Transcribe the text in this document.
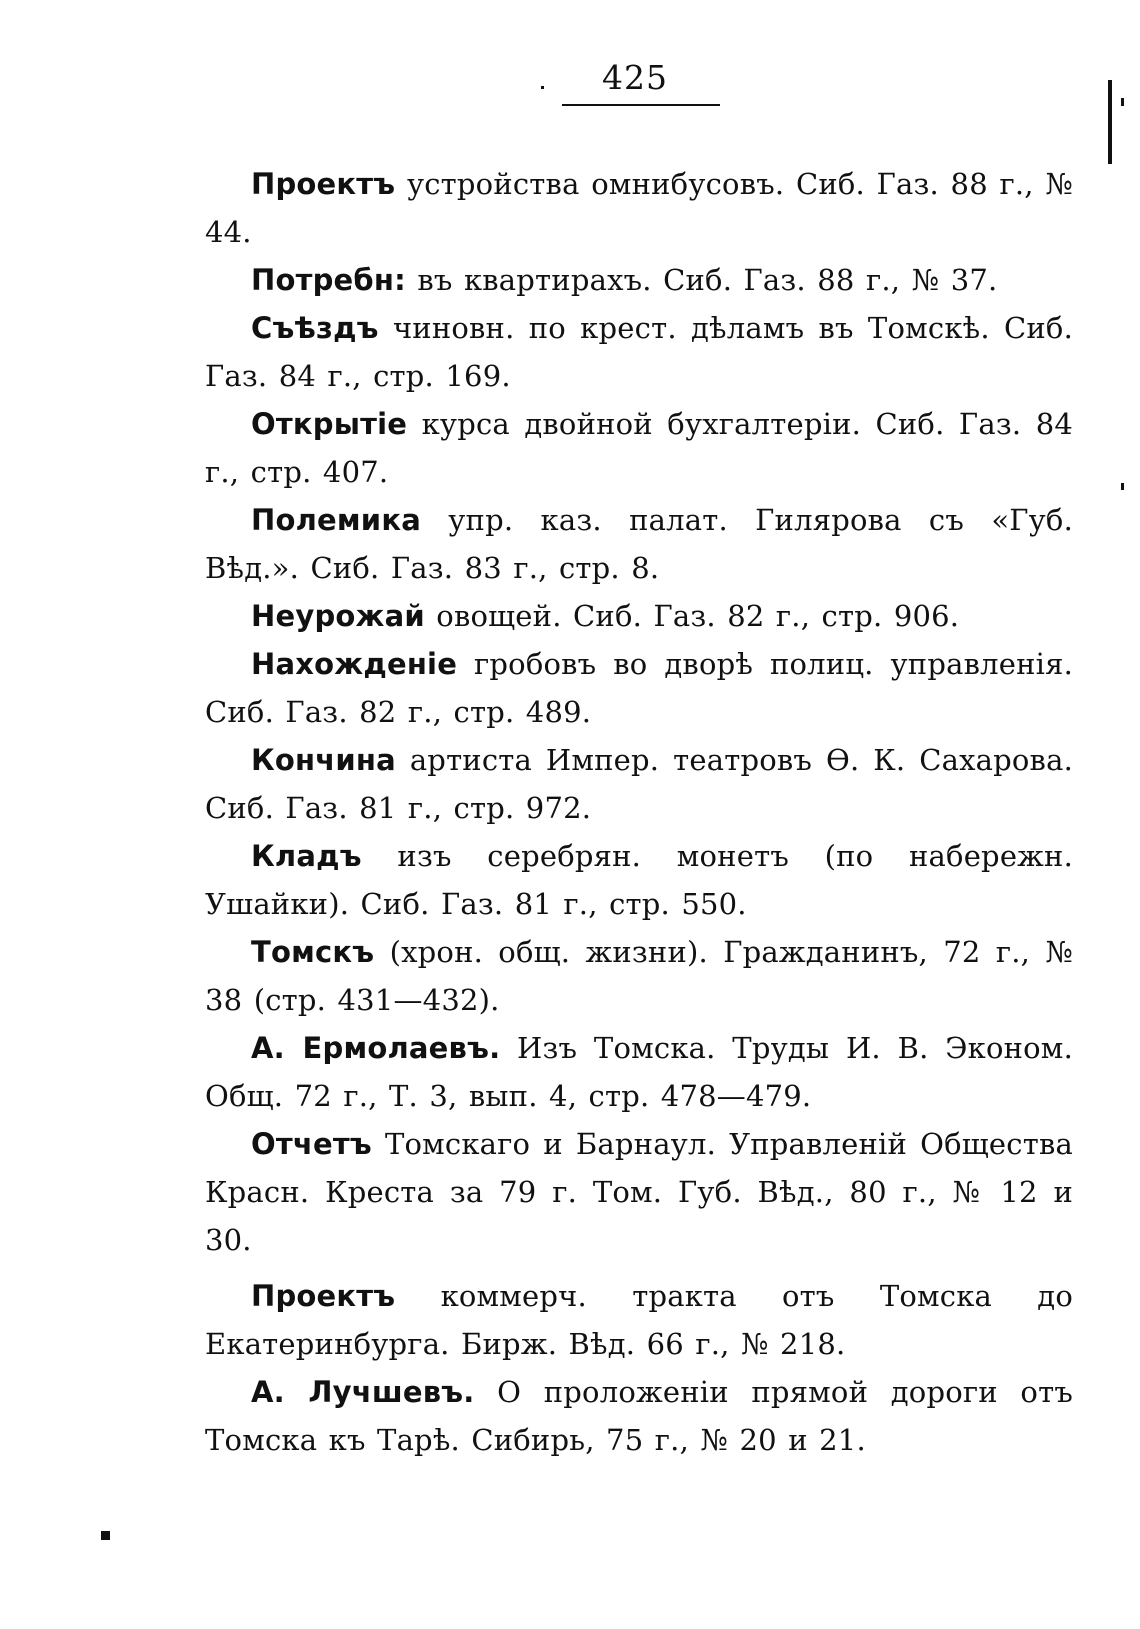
425

Проектъ устройства омнибусовъ. Сиб. Газ. 88 г., № 44.

Потребн: въ квартирахъ. Сиб. Газ. 88 г., № 37.

Съѣздъ чиновн. по крест. дѣламъ въ Томскѣ. Сиб. Газ. 84 г., стр. 169.

Открытіе курса двойной бухгалтеріи. Сиб. Газ. 84 г., стр. 407.

Полемика упр. каз. палат. Гилярова съ «Губ. Вѣд.». Сиб. Газ. 83 г., стр. 8.

Неурожай овощей. Сиб. Газ. 82 г., стр. 906.

Нахожденіе гробовъ во дворѣ полиц. управленія. Сиб. Газ. 82 г., стр. 489.

Кончина артиста Импер. театровъ Ѳ. К. Сахарова. Сиб. Газ. 81 г., стр. 972.

Кладъ изъ серебрян. монетъ (по набережн. Ушайки). Сиб. Газ. 81 г., стр. 550.

Томскъ (хрон. общ. жизни). Гражданинъ, 72 г., № 38 (стр. 431—432).

А. Ермолаевъ. Изъ Томска. Труды И. В. Эконом. Общ. 72 г., Т. 3, вып. 4, стр. 478—479.

Отчетъ Томскаго и Барнаул. Управленій Общества Красн. Креста за 79 г. Том. Губ. Вѣд., 80 г., № 12 и 30.

Проектъ коммерч. тракта отъ Томска до Екатеринбурга. Бирж. Вѣд. 66 г., № 218.

А. Лучшевъ. О проложеніи прямой дороги отъ Томска къ Тарѣ. Сибирь, 75 г., № 20 и 21.
